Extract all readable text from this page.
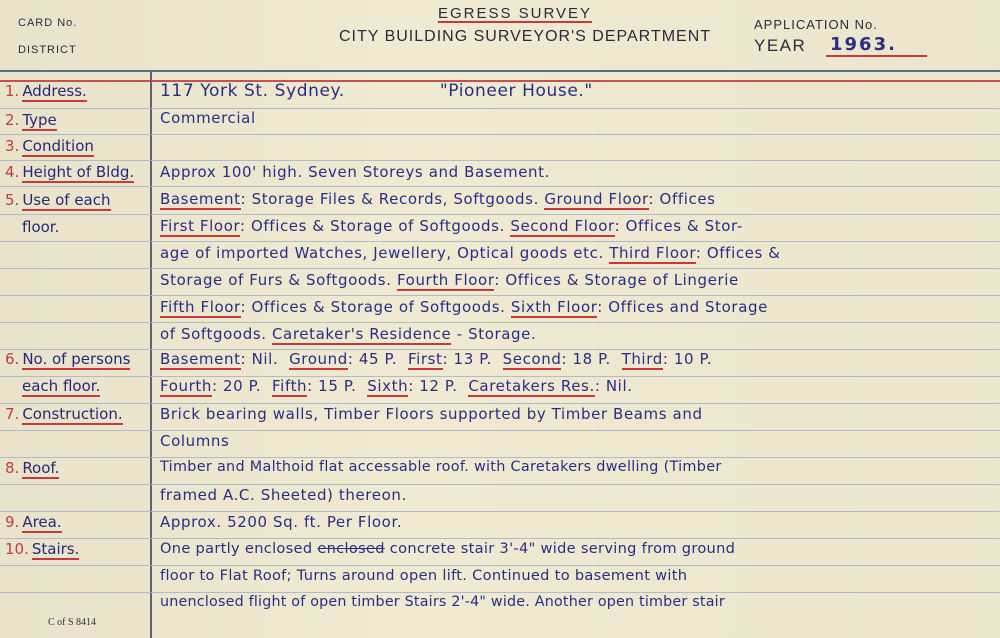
CARD No.
DISTRICT
EGRESS SURVEY
CITY BUILDING SURVEYOR'S DEPARTMENT
APPLICATION No.
YEAR 1963.
1. Address.
2. Type
3. Condition
4. Height of Bldg.
5. Use of each
floor.
6. No. of persons
each floor.
7. Construction.
8. Roof.
9. Area.
10. Stairs.
117 York St. Sydney.	"Pioneer House."
Commercial
Approx 100' high. Seven Storeys and Basement.
Basement: Storage Files & Records, Softgoods. Ground Floor: Offices
First Floor: Offices & Storage of Softgoods. Second Floor: Offices & Stor-
age of imported Watches, Jewellery, Optical goods etc. Third Floor: Offices &
Storage of Furs & Softgoods. Fourth Floor: Offices & Storage of Lingerie
Fifth Floor: Offices & Storage of Softgoods. Sixth Floor: Offices and Storage
of Softgoods. Caretaker's Residence - Storage.
Basement: Nil. Ground: 45 P. First: 13 P. Second: 18 P. Third: 10 P.
Fourth: 20 P. Fifth: 15 P. Sixth: 12 P. Caretakers Res.: Nil.
Brick bearing walls, Timber Floors supported by Timber Beams and
Columns
Timber and Malthoid flat accessable roof. with Caretakers dwelling (Timber
framed A.C. Sheeted) thereon.
Approx. 5200 Sq. ft. Per Floor.
One partly enclosed enclosed concrete stair 3'-4" wide serving from ground
floor to Flat Roof; Turns around open lift. Continued to basement with
unenclosed flight of open timber Stairs 2'-4" wide. Another open timber stair
C of S 8414
